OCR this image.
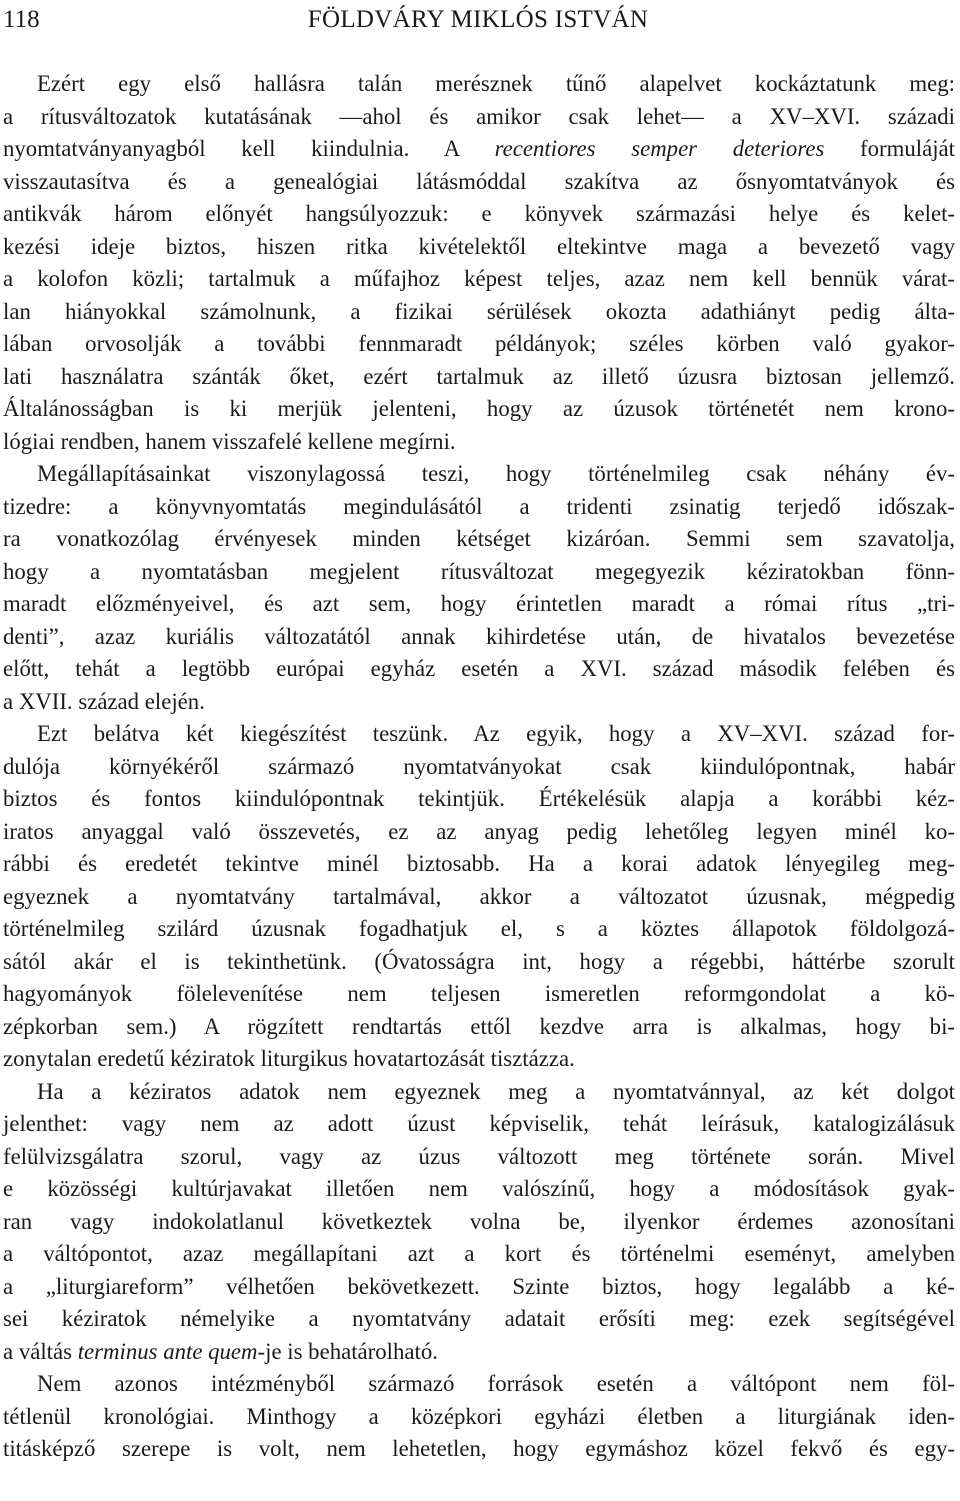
118	FÖLDVÁRY MIKLÓS ISTVÁN
Ezért egy első hallásra talán merésznek tűnő alapelvet kockáztatunk meg:
a rítusváltozatok kutatásának —ahol és amikor csak lehet— a XV–XVI. századi
nyomtatványanyagból kell kiindulnia. A recentiores semper deteriores formuláját
visszautasítva és a genealógiai látásmóddal szakítva az ősnyomtatványok és
antikvák három előnyét hangsúlyozzuk: e könyvek származási helye és kelet-
kezési ideje biztos, hiszen ritka kivételektől eltekintve maga a bevezető vagy
a kolofon közli; tartalmuk a műfajhoz képest teljes, azaz nem kell bennük várat-
lan hiányokkal számolnunk, a fizikai sérülések okozta adathiányt pedig álta-
lában orvosolják a további fennmaradt példányok; széles körben való gyakor-
lati használatra szánták őket, ezért tartalmuk az illető úzusra biztosan jellemző.
Általánosságban is ki merjük jelenteni, hogy az úzusok történetét nem krono-
lógiai rendben, hanem visszafelé kellene megírni.
Megállapításainkat viszonylagossá teszi, hogy történelmileg csak néhány év-
tizedre: a könyvnyomtatás megindulásától a tridenti zsinatig terjedő időszak-
ra vonatkozólag érvényesek minden kétséget kizáróan. Semmi sem szavatolja,
hogy a nyomtatásban megjelent rítusváltozat megegyezik kéziratokban fönn-
maradt előzményeivel, és azt sem, hogy érintetlen maradt a római rítus „tri-
denti”, azaz kuriális változatától annak kihirdetése után, de hivatalos bevezetése
előtt, tehát a legtöbb európai egyház esetén a XVI. század második felében és
a XVII. század elején.
Ezt belátva két kiegészítést teszünk. Az egyik, hogy a XV–XVI. század for-
dulója környékéről származó nyomtatványokat csak kiindulópontnak, habár
biztos és fontos kiindulópontnak tekintjük. Értékelésük alapja a korábbi kéz-
iratos anyaggal való összevetés, ez az anyag pedig lehetőleg legyen minél ko-
rábbi és eredetét tekintve minél biztosabb. Ha a korai adatok lényegileg meg-
egyeznek a nyomtatvány tartalmával, akkor a változatot úzusnak, mégpedig
történelmileg szilárd úzusnak fogadhatjuk el, s a köztes állapotok földolgozá-
sától akár el is tekinthetünk. (Óvatosságra int, hogy a régebbi, háttérbe szorult
hagyományok fölelevenítése nem teljesen ismeretlen reformgondolat a kö-
zépkorban sem.) A rögzített rendtartás ettől kezdve arra is alkalmas, hogy bi-
zonytalan eredetű kéziratok liturgikus hovatartozását tisztázza.
Ha a kéziratos adatok nem egyeznek meg a nyomtatvánnyal, az két dolgot
jelenthet: vagy nem az adott úzust képviselik, tehát leírásuk, katalogizálásuk
felülvizsgálatra szorul, vagy az úzus változott meg története során. Mivel
e közösségi kultúrjavakat illetően nem valószínű, hogy a módosítások gyak-
ran vagy indokolatlanul következtek volna be, ilyenkor érdemes azonosítani
a váltópontot, azaz megállapítani azt a kort és történelmi eseményt, amelyben
a „liturgiareform” vélhetően bekövetkezett. Szinte biztos, hogy legalább a ké-
sei kéziratok némelyike a nyomtatvány adatait erősíti meg: ezek segítségével
a váltás terminus ante quem-je is behatárolható.
Nem azonos intézményből származó források esetén a váltópont nem föl-
tétlenül kronológiai. Minthogy a középkori egyházi életben a liturgiának iden-
titásképző szerepe is volt, nem lehetetlen, hogy egymáshoz közel fekvő és egy-
